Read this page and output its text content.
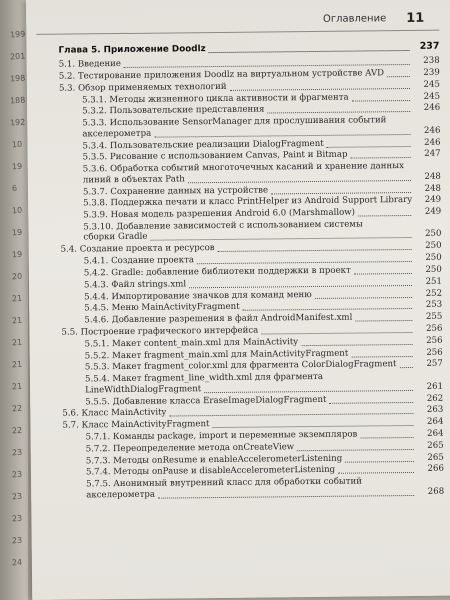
199
201
198
188
192
10
19
6
10
19
19
20
21
21
21
21
21
22
22
23
23
23
23
23
24
Оглавление 11
Глава 5. Приложение Doodlz	237
5.1. Введение	238
5.2. Тестирование приложения Doodlz на виртуальном устройстве AVD	239
5.3. Обзор применяемых технологий	245
5.3.1. Методы жизненного цикла активности и фрагмента	245
5.3.2. Пользовательские представления	246
5.3.3. Использование SensorManager для прослушивания событий
акселерометра	246
5.3.4. Пользовательские реализации DialogFragment	246
5.3.5. Рисование с использованием Canvas, Paint и Bitmap	247
5.3.6. Обработка событий многоточечных касаний и хранение данных
линий в объектах Path	248
5.3.7. Сохранение данных на устройстве	248
5.3.8. Поддержка печати и класс PrintHelper из Android Support Library	249
5.3.9. Новая модель разрешения Android 6.0 (Marshmallow)	249
5.3.10. Добавление зависимостей с использованием системы
сборки Gradle	250
5.4. Создание проекта и ресурсов	250
5.4.1. Создание проекта	250
5.4.2. Gradle: добавление библиотеки поддержки в проект	250
5.4.3. Файл strings.xml	251
5.4.4. Импортирование значков для команд меню	252
5.4.5. Меню MainActivityFragment	253
5.4.6. Добавление разрешения в файл AndroidManifest.xml	255
5.5. Построение графического интерфейса	256
5.5.1. Макет content_main.xml для MainActivity	256
5.5.2. Макет fragment_main.xml для MainActivityFragment	256
5.5.3. Макет fragment_color.xml для фрагмента ColorDialogFragment	257
5.5.4. Макет fragment_line_width.xml для фрагмента
LineWidthDialogFragment	261
5.5.5. Добавление класса EraseImageDialogFragment	262
5.6. Класс MainActivity	263
5.7. Класс MainActivityFragment	264
5.7.1. Команды package, import и переменные экземпляров	264
5.7.2. Переопределение метода onCreateView	265
5.7.3. Методы onResume и enableAccelerometerListening	265
5.7.4. Методы onPause и disableAccelerometerListening	266
5.7.5. Анонимный внутренний класс для обработки событий
акселерометра	268
